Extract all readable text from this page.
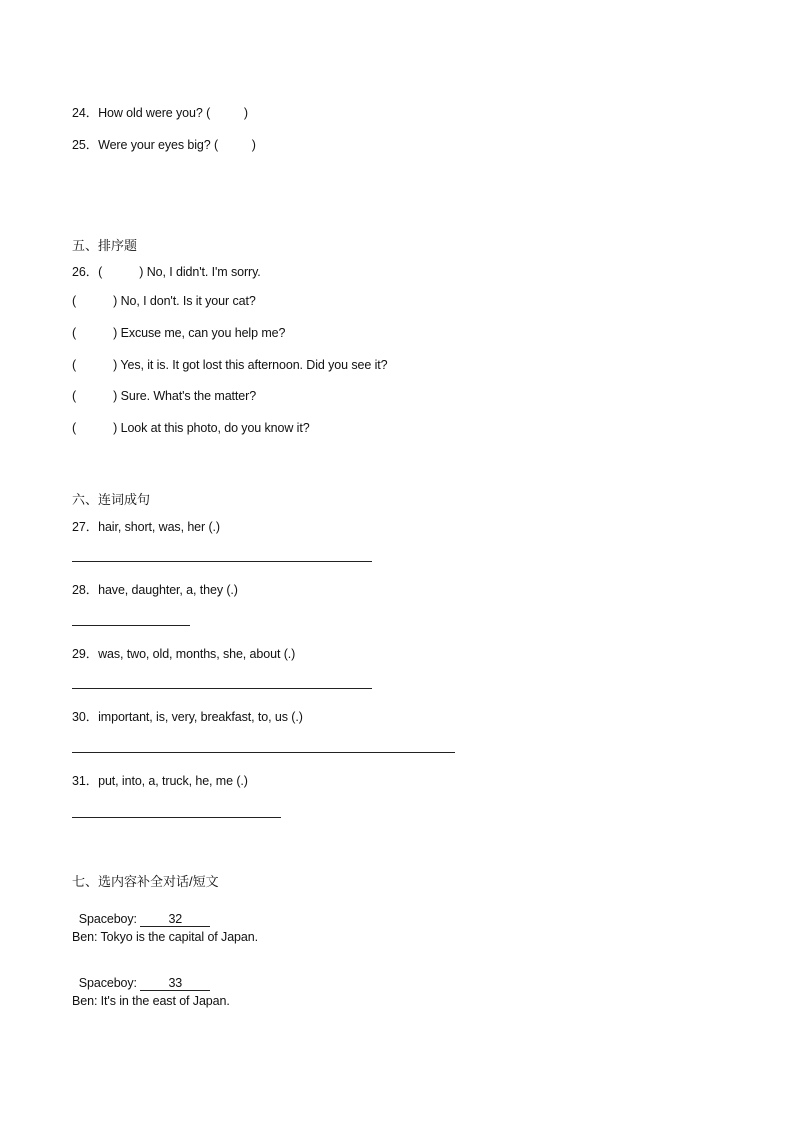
24．How old were you? (          )
25．Were your eyes big? (          )
五、排序题
26．(           ) No, I didn't. I'm sorry.
(           ) No, I don't. Is it your cat?
(           ) Excuse me, can you help me?
(           ) Yes, it is. It got lost this afternoon. Did you see it?
(           ) Sure. What's the matter?
(           ) Look at this photo, do you know it?
六、连词成句
27．hair, short, was, her (.)
28．have, daughter, a, they (.)
29．was, two, old, months, she, about (.)
30．important, is, very, breakfast, to, us (.)
31．put, into, a, truck, he, me (.)
七、选内容补全对话/短文

Spaceboy: 32

Ben: Tokyo is the capital of Japan.

Spaceboy: 33

Ben: It's in the east of Japan.
